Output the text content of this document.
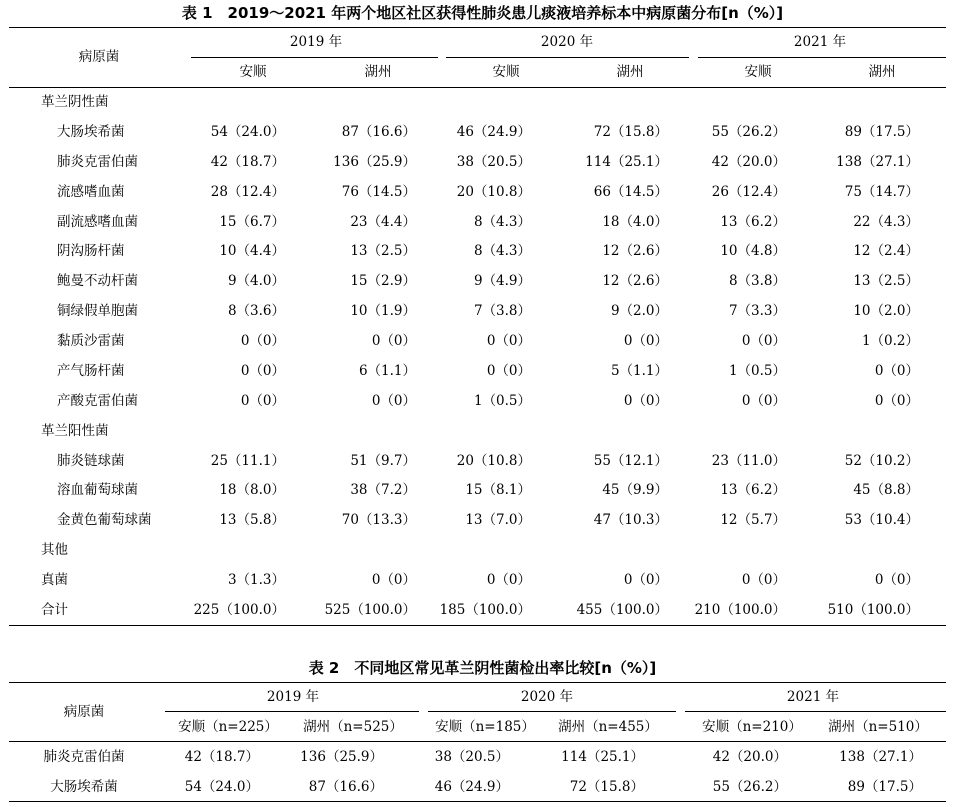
表 1　2019～2021 年两个地区社区获得性肺炎患儿痰液培养标本中病原菌分布[n（%）]
病原菌
2019 年	2020 年	2021 年
安顺	湖州	安顺	湖州	安顺	湖州
革兰阴性菌
大肠埃希菌	54（24.0）	87（16.6）	46（24.9）	72（15.8）	55（26.2）	89（17.5）
肺炎克雷伯菌	42（18.7）	136（25.9）	38（20.5）	114（25.1）	42（20.0）	138（27.1）
流感嗜血菌	28（12.4）	76（14.5）	20（10.8）	66（14.5）	26（12.4）	75（14.7）
副流感嗜血菌	15（6.7）	23（4.4）	8（4.3）	18（4.0）	13（6.2）	22（4.3）
阴沟肠杆菌	10（4.4）	13（2.5）	8（4.3）	12（2.6）	10（4.8）	12（2.4）
鲍曼不动杆菌	9（4.0）	15（2.9）	9（4.9）	12（2.6）	8（3.8）	13（2.5）
铜绿假单胞菌	8（3.6）	10（1.9）	7（3.8）	9（2.0）	7（3.3）	10（2.0）
黏质沙雷菌	0（0）	0（0）	0（0）	0（0）	0（0）	1（0.2）
产气肠杆菌	0（0）	6（1.1）	0（0）	5（1.1）	1（0.5）	0（0）
产酸克雷伯菌	0（0）	0（0）	1（0.5）	0（0）	0（0）	0（0）
革兰阳性菌
肺炎链球菌	25（11.1）	51（9.7）	20（10.8）	55（12.1）	23（11.0）	52（10.2）
溶血葡萄球菌	18（8.0）	38（7.2）	15（8.1）	45（9.9）	13（6.2）	45（8.8）
金黄色葡萄球菌	13（5.8）	70（13.3）	13（7.0）	47（10.3）	12（5.7）	53（10.4）
其他
真菌	3（1.3）	0（0）	0（0）	0（0）	0（0）	0（0）
合计	225（100.0）	525（100.0）	185（100.0）	455（100.0）	210（100.0）	510（100.0）
表 2　不同地区常见革兰阴性菌检出率比较[n（%）]
病原菌
2019 年	2020 年	2021 年
安顺（n=225）	湖州（n=525）	安顺（n=185）	湖州（n=455）	安顺（n=210）	湖州（n=510）
肺炎克雷伯菌	42（18.7）	136（25.9）	38（20.5）	114（25.1）	42（20.0）	138（27.1）
大肠埃希菌	54（24.0）	87（16.6）	46（24.9）	72（15.8）	55（26.2）	89（17.5）
